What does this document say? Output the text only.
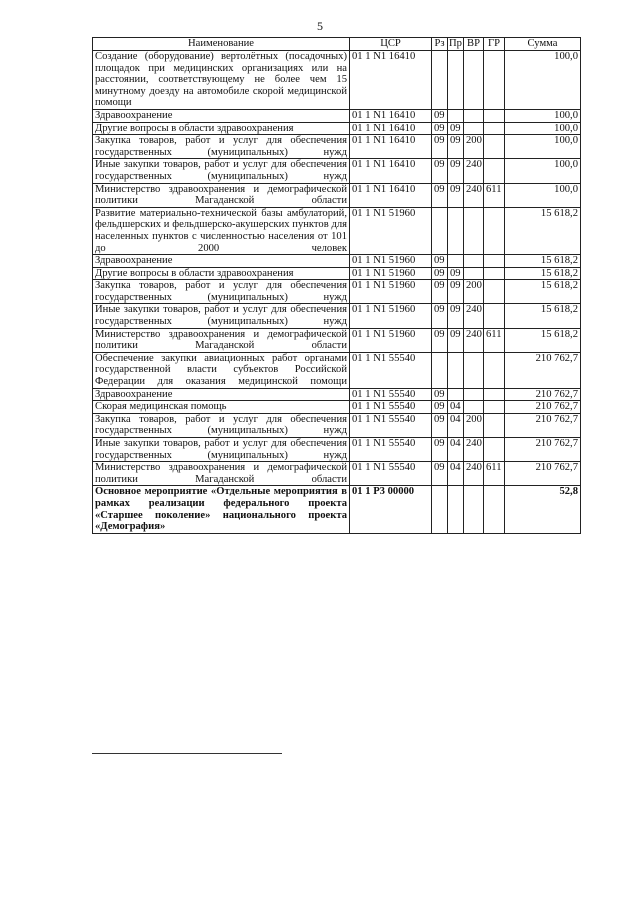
5
Наименование	ЦСР	Рз	Пр	ВР	ГР	Сумма
Создание (оборудование) вертолётных (посадочных) площадок при медицинских организациях или на расстоянии, соответствующему не более чем 15 минутному доезду на автомобиле скорой медицинской помощи	01 1 N1 16410					100,0
Здравоохранение	01 1 N1 16410	09				100,0
Другие вопросы в области здравоохранения	01 1 N1 16410	09	09			100,0
Закупка товаров, работ и услуг для обеспечения государственных (муниципальных) нужд	01 1 N1 16410	09	09	200		100,0
Иные закупки товаров, работ и услуг для обеспечения государственных (муниципальных) нужд	01 1 N1 16410	09	09	240		100,0
Министерство здравоохранения и демографической политики Магаданской области	01 1 N1 16410	09	09	240	611	100,0
Развитие материально-технической базы амбулаторий, фельдшерских и фельдшерско-акушерских пунктов для населенных пунктов с численностью населения от 101 до 2000 человек	01 1 N1 51960					15 618,2
Здравоохранение	01 1 N1 51960	09				15 618,2
Другие вопросы в области здравоохранения	01 1 N1 51960	09	09			15 618,2
Закупка товаров, работ и услуг для обеспечения государственных (муниципальных) нужд	01 1 N1 51960	09	09	200		15 618,2
Иные закупки товаров, работ и услуг для обеспечения государственных (муниципальных) нужд	01 1 N1 51960	09	09	240		15 618,2
Министерство здравоохранения и демографической политики Магаданской области	01 1 N1 51960	09	09	240	611	15 618,2
Обеспечение закупки авиационных работ органами государственной власти субъектов Российской Федерации для оказания медицинской помощи	01 1 N1 55540					210 762,7
Здравоохранение	01 1 N1 55540	09				210 762,7
Скорая медицинская помощь	01 1 N1 55540	09	04			210 762,7
Закупка товаров, работ и услуг для обеспечения государственных (муниципальных) нужд	01 1 N1 55540	09	04	200		210 762,7
Иные закупки товаров, работ и услуг для обеспечения государственных (муниципальных) нужд	01 1 N1 55540	09	04	240		210 762,7
Министерство здравоохранения и демографической политики Магаданской области	01 1 N1 55540	09	04	240	611	210 762,7
Основное мероприятие «Отдельные мероприятия в рамках реализации федерального проекта «Старшее поколение» национального проекта «Демография»	01 1 P3 00000					52,8
